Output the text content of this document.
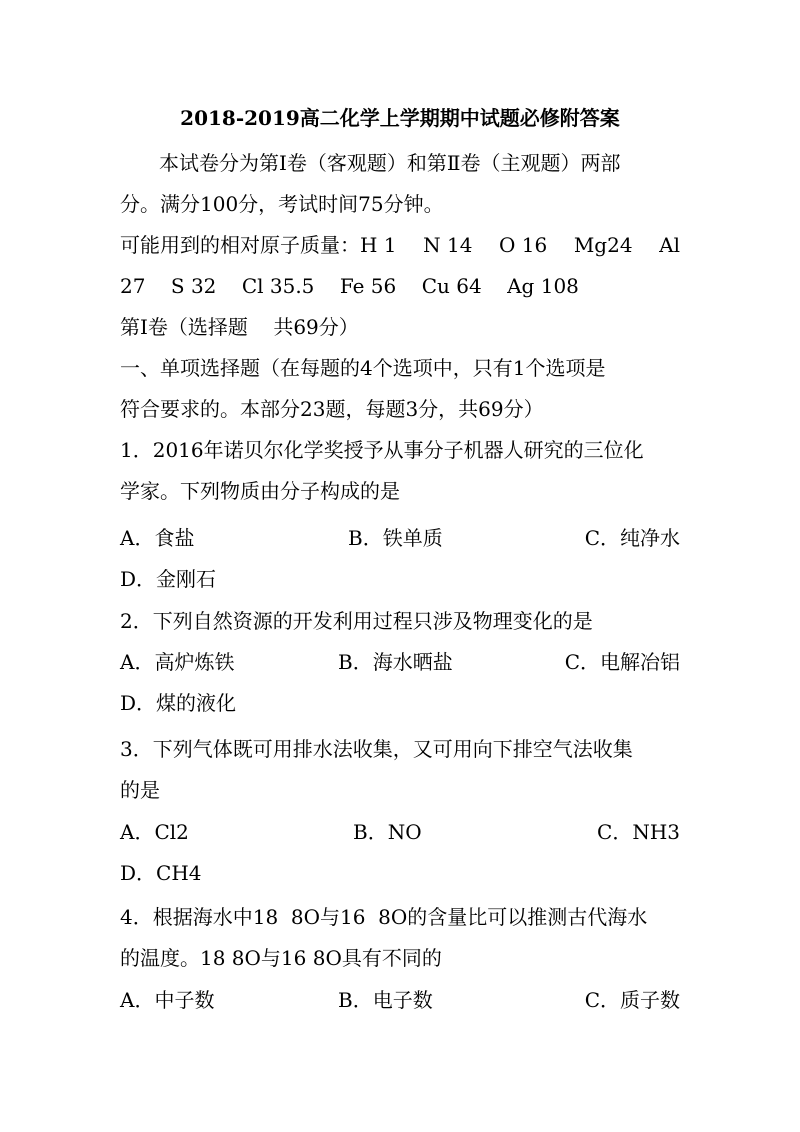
2018-2019高二化学上学期期中试题必修附答案
本试卷分为第Ⅰ卷（客观题）和第Ⅱ卷（主观题）两部
分。满分100分，考试时间75分钟。
可能用到的相对原子质量：H 1 N 14 O 16 Mg24 Al
27    S 32    Cl 35.5    Fe 56    Cu 64    Ag 108
第Ⅰ卷（选择题    共69分）
一、单项选择题（在每题的4个选项中，只有1个选项是
符合要求的。本部分23题，每题3分，共69分）
1．2016年诺贝尔化学奖授予从事分子机器人研究的三位化
学家。下列物质由分子构成的是
A．食盐	B．铁单质	C．纯净水
D．金刚石
2．下列自然资源的开发利用过程只涉及物理变化的是
A．高炉炼铁	B．海水晒盐	C．电解冶铝
D．煤的液化
3．下列气体既可用排水法收集，又可用向下排空气法收集
的是
A．Cl2	B．NO	C．NH3
D．CH4
4．根据海水中18  8O与16  8O的含量比可以推测古代海水
的温度。18 8O与16 8O具有不同的
A．中子数	B．电子数	C．质子数
